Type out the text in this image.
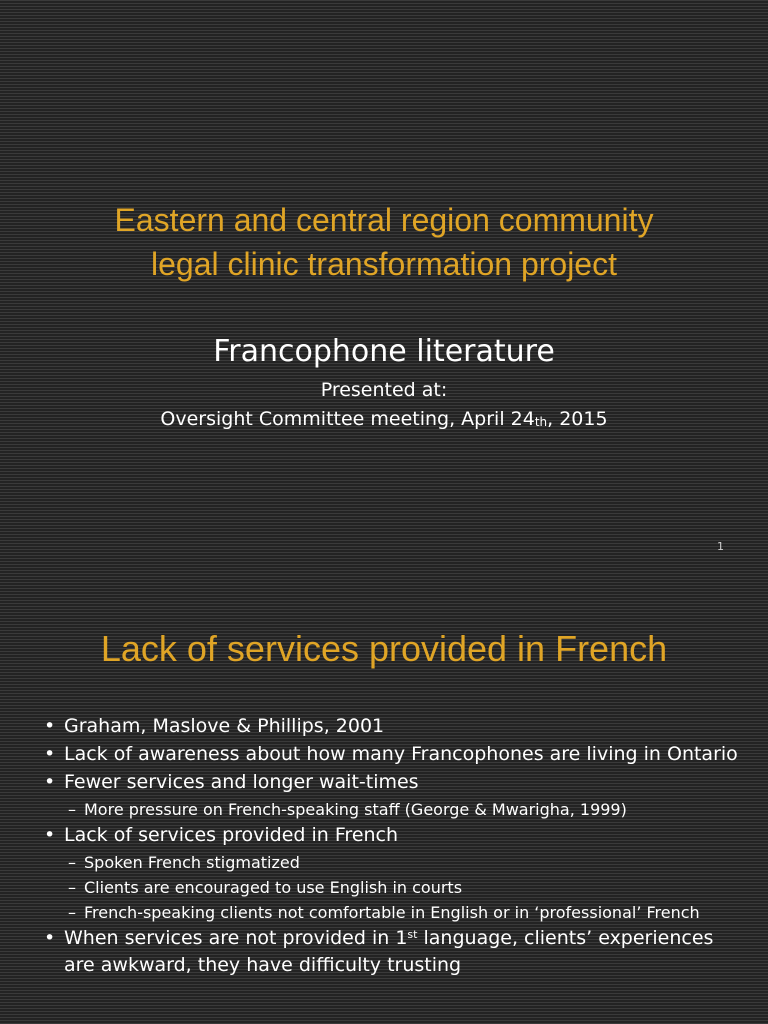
Eastern and central region community
legal clinic transformation project
Francophone literature
Presented at:
Oversight Committee meeting, April 24th, 2015
1
Lack of services provided in French
• Graham, Maslove & Phillips, 2001
• Lack of awareness about how many Francophones are living in Ontario
• Fewer services and longer wait-times
– More pressure on French-speaking staff (George & Mwarigha, 1999)
• Lack of services provided in French
– Spoken French stigmatized
– Clients are encouraged to use English in courts
– French-speaking clients not comfortable in English or in ‘professional’ French
• When services are not provided in 1st language, clients’ experiences are awkward, they have difficulty trusting
